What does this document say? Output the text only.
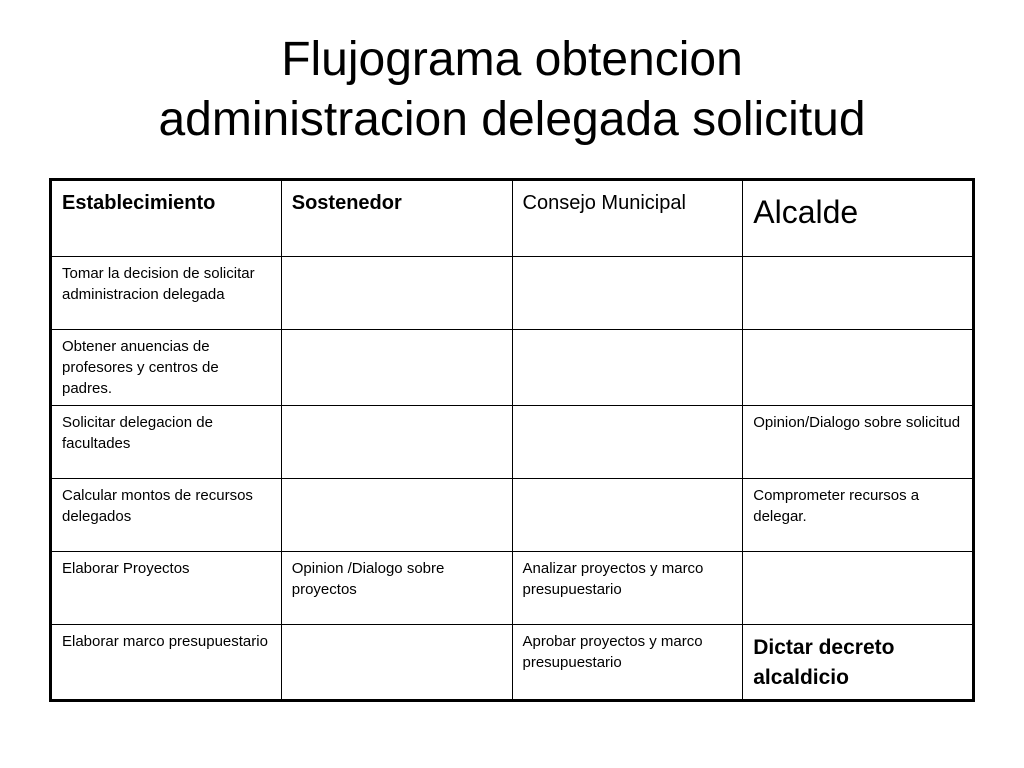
Flujograma obtencion
administracion delegada solicitud
Establecimiento	Sostenedor	Consejo Municipal	Alcalde
Tomar la decision de solicitar administracion delegada			
Obtener anuencias de profesores y centros de padres.			
Solicitar delegacion de facultades			Opinion/Dialogo sobre solicitud
Calcular montos de recursos delegados			Comprometer recursos a delegar.
Elaborar Proyectos	Opinion /Dialogo sobre proyectos	Analizar proyectos y marco presupuestario	
Elaborar marco presupuestario		Aprobar proyectos y marco presupuestario	Dictar decreto alcaldicio
